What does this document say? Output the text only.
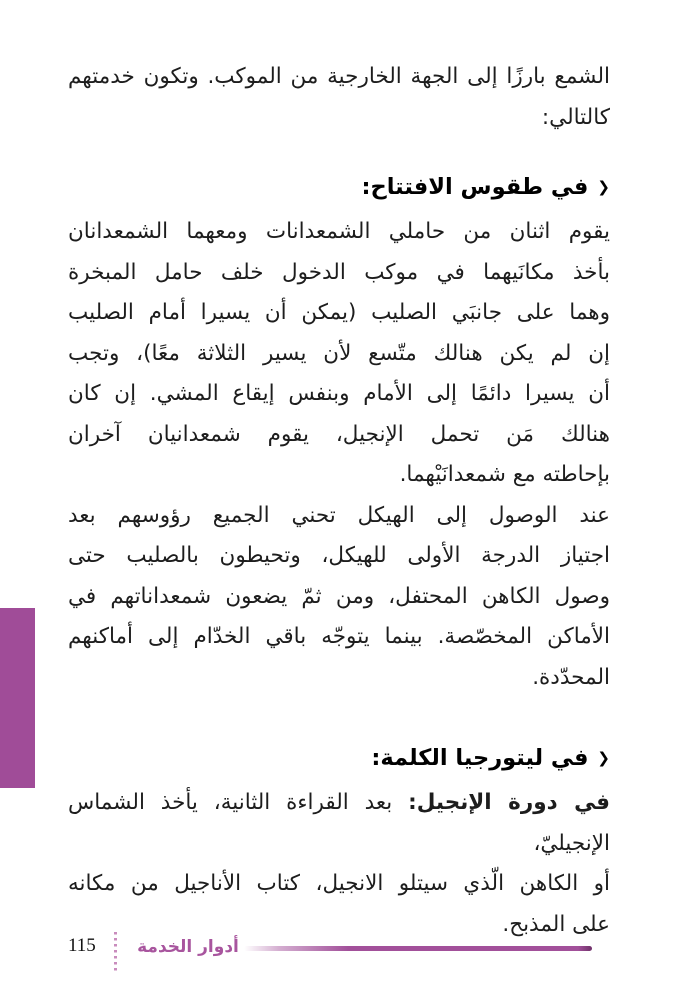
الشمع بارزًا إلى الجهة الخارجية من الموكب. وتكون خدمتهم
كالتالي:
❮في طقوس الافتتاح:
يقوم اثنان من حاملي الشمعدانات ومعهما الشمعدانان
بأخذ مكانَيهما في موكب الدخول خلف حامل المبخرة
وهما على جانبَي الصليب (يمكن أن يسيرا أمام الصليب
إن لم يكن هنالك متّسع لأن يسير الثلاثة معًا)، وتجب
أن يسيرا دائمًا إلى الأمام وبنفس إيقاع المشي. إن كان
هنالك مَن تحمل الإنجيل، يقوم شمعدانيان آخران
بإحاطته مع شمعدانَيْهما.
عند الوصول إلى الهيكل تحني الجميع رؤوسهم بعد
اجتياز الدرجة الأولى للهيكل، وتحيطون بالصليب حتى
وصول الكاهن المحتفل، ومن ثمّ يضعون شمعداناتهم في
الأماكن المخصّصة. بينما يتوجّه باقي الخدّام إلى أماكنهم
المحدّدة.
❮في ليتورجيا الكلمة:
في دورة الإنجيل: بعد القراءة الثانية، يأخذ الشماس الإنجيليّ،
أو الكاهن الّذي سيتلو الانجيل، كتاب الأناجيل من مكانه
على المذبح.
115 أدوار الخدمة
